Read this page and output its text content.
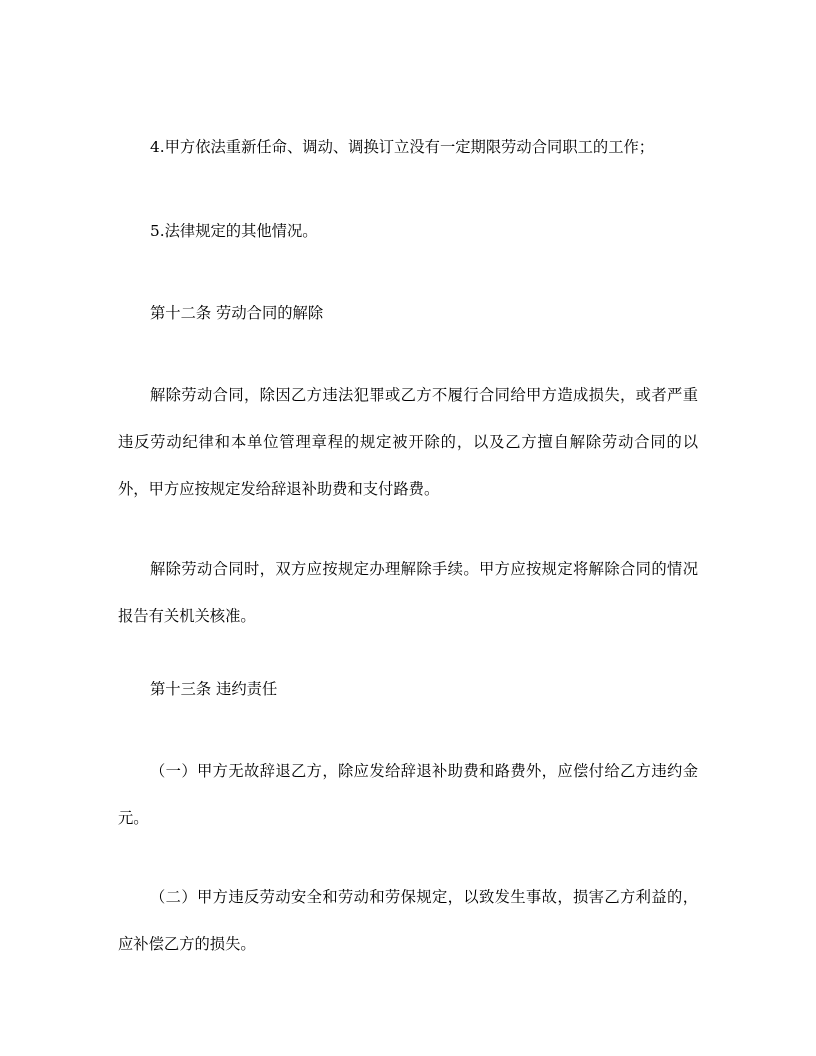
4.甲方依法重新任命、调动、调换订立没有一定期限劳动合同职工的工作；

5.法律规定的其他情况。

第十二条 劳动合同的解除

解除劳动合同，除因乙方违法犯罪或乙方不履行合同给甲方造成损失，或者严重违反劳动纪律和本单位管理章程的规定被开除的，以及乙方擅自解除劳动合同的以外，甲方应按规定发给辞退补助费和支付路费。

解除劳动合同时，双方应按规定办理解除手续。甲方应按规定将解除合同的情况报告有关机关核准。

第十三条 违约责任

（一）甲方无故辞退乙方，除应发给辞退补助费和路费外，应偿付给乙方违约金元。

（二）甲方违反劳动安全和劳动和劳保规定，以致发生事故，损害乙方利益的，应补偿乙方的损失。
